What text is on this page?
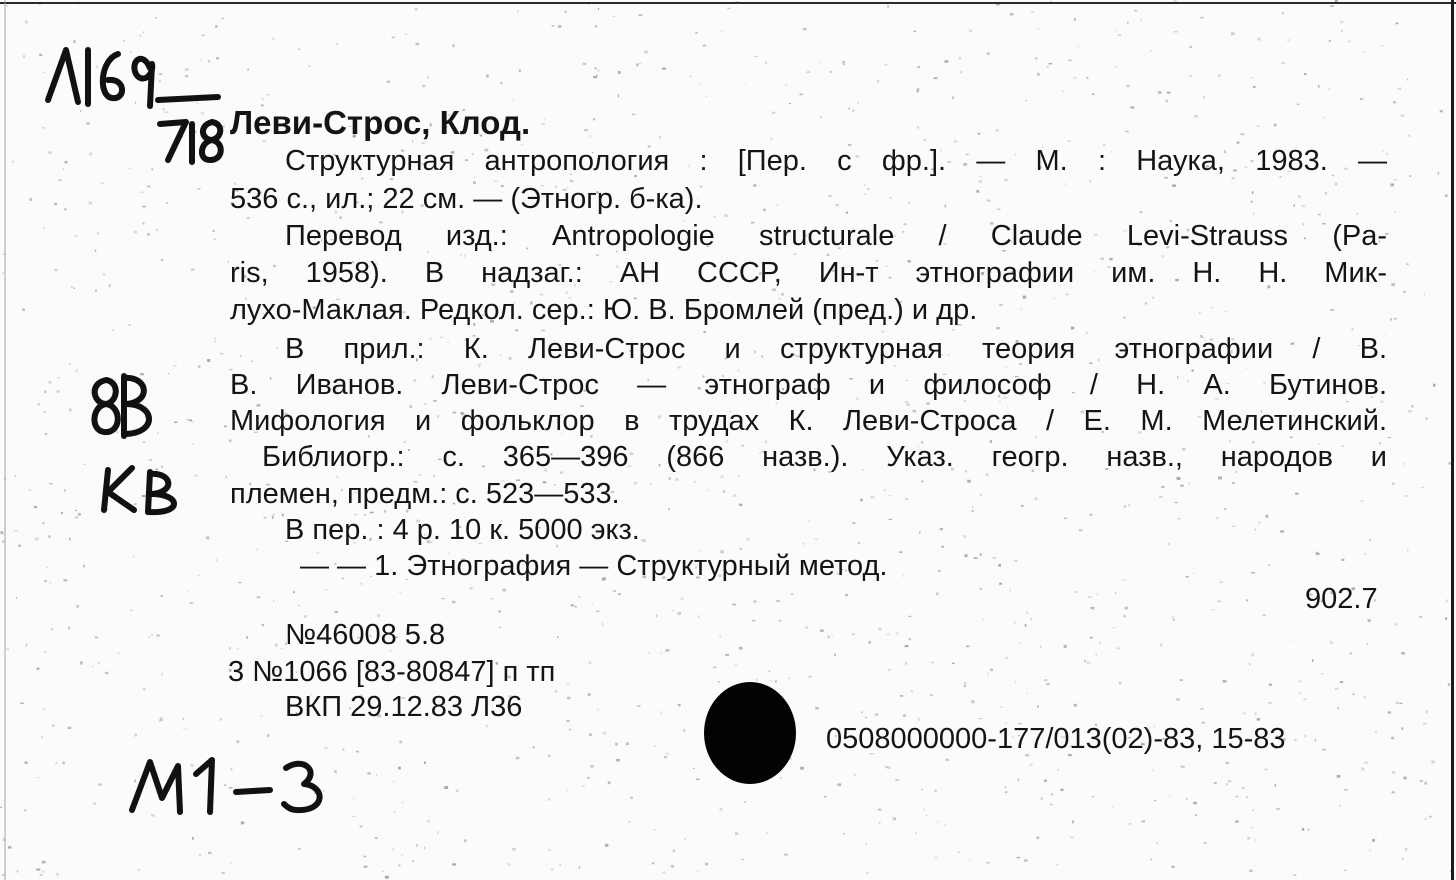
Леви-Строс, Клод.
Структурная антропология : [Пер. с фр.]. — М. : Наука, 1983. —
536 с., ил.; 22 см. — (Этногр. б-ка).
Перевод изд.: Antropologie structurale / Claude Levi-Strauss (Pa-
ris, 1958). В надзаг.: АН СССР, Ин-т этнографии им. Н. Н. Мик-
лухо-Маклая. Редкол. сер.: Ю. В. Бромлей (пред.) и др.
В прил.: К. Леви-Строс и структурная теория этнографии / В.
В. Иванов. Леви-Строс — этнограф и философ / Н. А. Бутинов.
Мифология и фольклор в трудах К. Леви-Строса / Е. М. Мелетинский.
Библиогр.: с. 365—396 (866 назв.). Указ. геогр. назв., народов и
племен, предм.: с. 523—533.
В пер. : 4 р. 10 к. 5000 экз.
— — 1. Этнография — Структурный метод.
902.7
№46008 5.8
3 №1066 [83-80847] п тп
ВКП 29.12.83 Л36
0508000000-177/013(02)-83, 15-83
